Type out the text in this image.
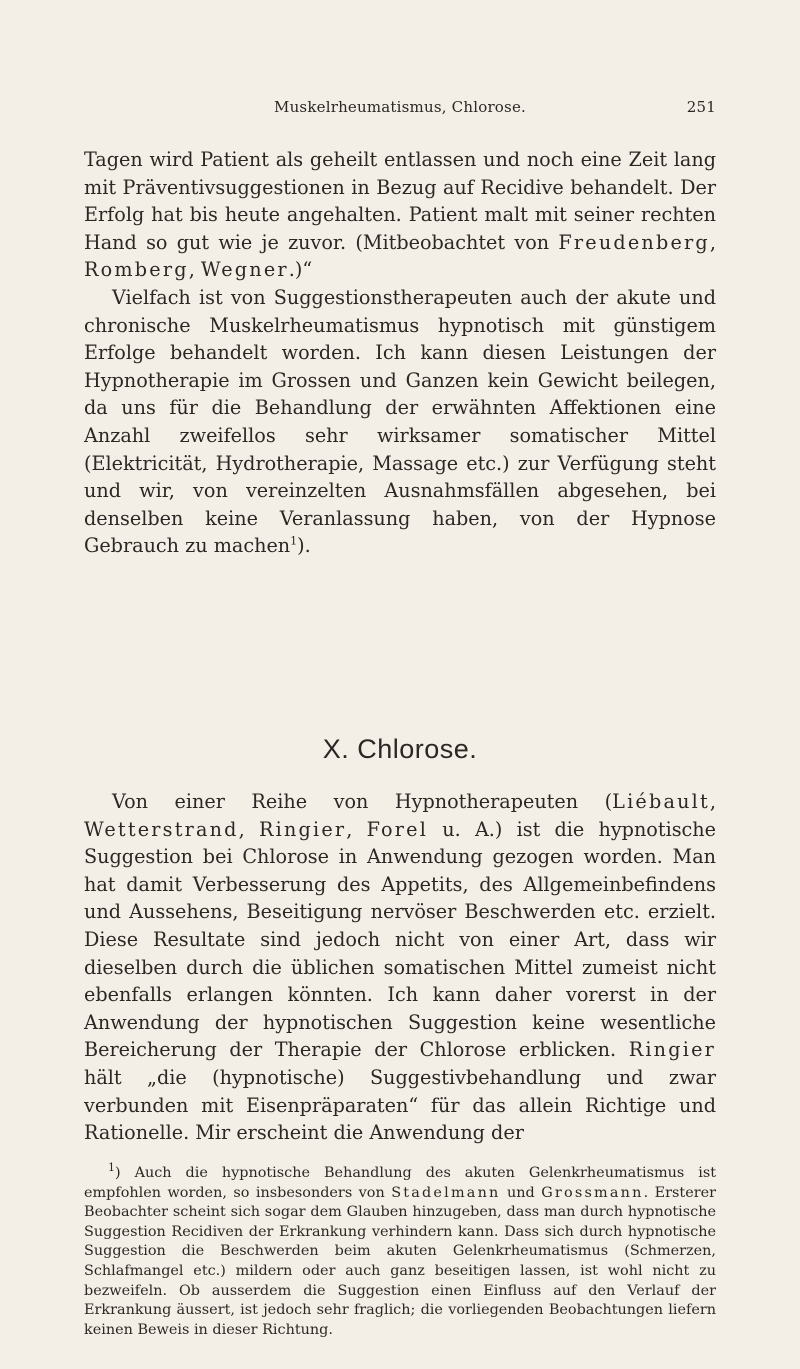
Muskelrheumatismus, Chlorose.	251

Tagen wird Patient als geheilt entlassen und noch eine Zeit lang mit Präventivsuggestionen in Bezug auf Recidive behandelt. Der Erfolg hat bis heute angehalten. Patient malt mit seiner rechten Hand so gut wie je zuvor. (Mitbeobachtet von Freudenberg, Romberg, Wegner.)“

Vielfach ist von Suggestionstherapeuten auch der akute und chronische Muskelrheumatismus hypnotisch mit günstigem Erfolge behandelt worden. Ich kann diesen Leistungen der Hypnotherapie im Grossen und Ganzen kein Gewicht beilegen, da uns für die Behandlung der erwähnten Affektionen eine Anzahl zweifellos sehr wirksamer somatischer Mittel (Elektricität, Hydrotherapie, Massage etc.) zur Verfügung steht und wir, von vereinzelten Ausnahmsfällen abgesehen, bei denselben keine Veranlassung haben, von der Hypnose Gebrauch zu machen$^1$).

X. Chlorose.

Von einer Reihe von Hypnotherapeuten (Liébault, Wetterstrand, Ringier, Forel u. A.) ist die hypnotische Suggestion bei Chlorose in Anwendung gezogen worden. Man hat damit Verbesserung des Appetits, des Allgemeinbefindens und Aussehens, Beseitigung nervöser Beschwerden etc. erzielt. Diese Resultate sind jedoch nicht von einer Art, dass wir dieselben durch die üblichen somatischen Mittel zumeist nicht ebenfalls erlangen könnten. Ich kann daher vorerst in der Anwendung der hypnotischen Suggestion keine wesentliche Bereicherung der Therapie der Chlorose erblicken. Ringier hält „die (hypnotische) Suggestivbehandlung und zwar verbunden mit Eisenpräparaten“ für das allein Richtige und Rationelle. Mir erscheint die Anwendung der

$^1$) Auch die hypnotische Behandlung des akuten Gelenkrheumatismus ist empfohlen worden, so insbesonders von Stadelmann und Grossmann. Ersterer Beobachter scheint sich sogar dem Glauben hinzugeben, dass man durch hypnotische Suggestion Recidiven der Erkrankung verhindern kann. Dass sich durch hypnotische Suggestion die Beschwerden beim akuten Gelenkrheumatismus (Schmerzen, Schlafmangel etc.) mildern oder auch ganz beseitigen lassen, ist wohl nicht zu bezweifeln. Ob ausserdem die Suggestion einen Einfluss auf den Verlauf der Erkrankung äussert, ist jedoch sehr fraglich; die vorliegenden Beobachtungen liefern keinen Beweis in dieser Richtung.
